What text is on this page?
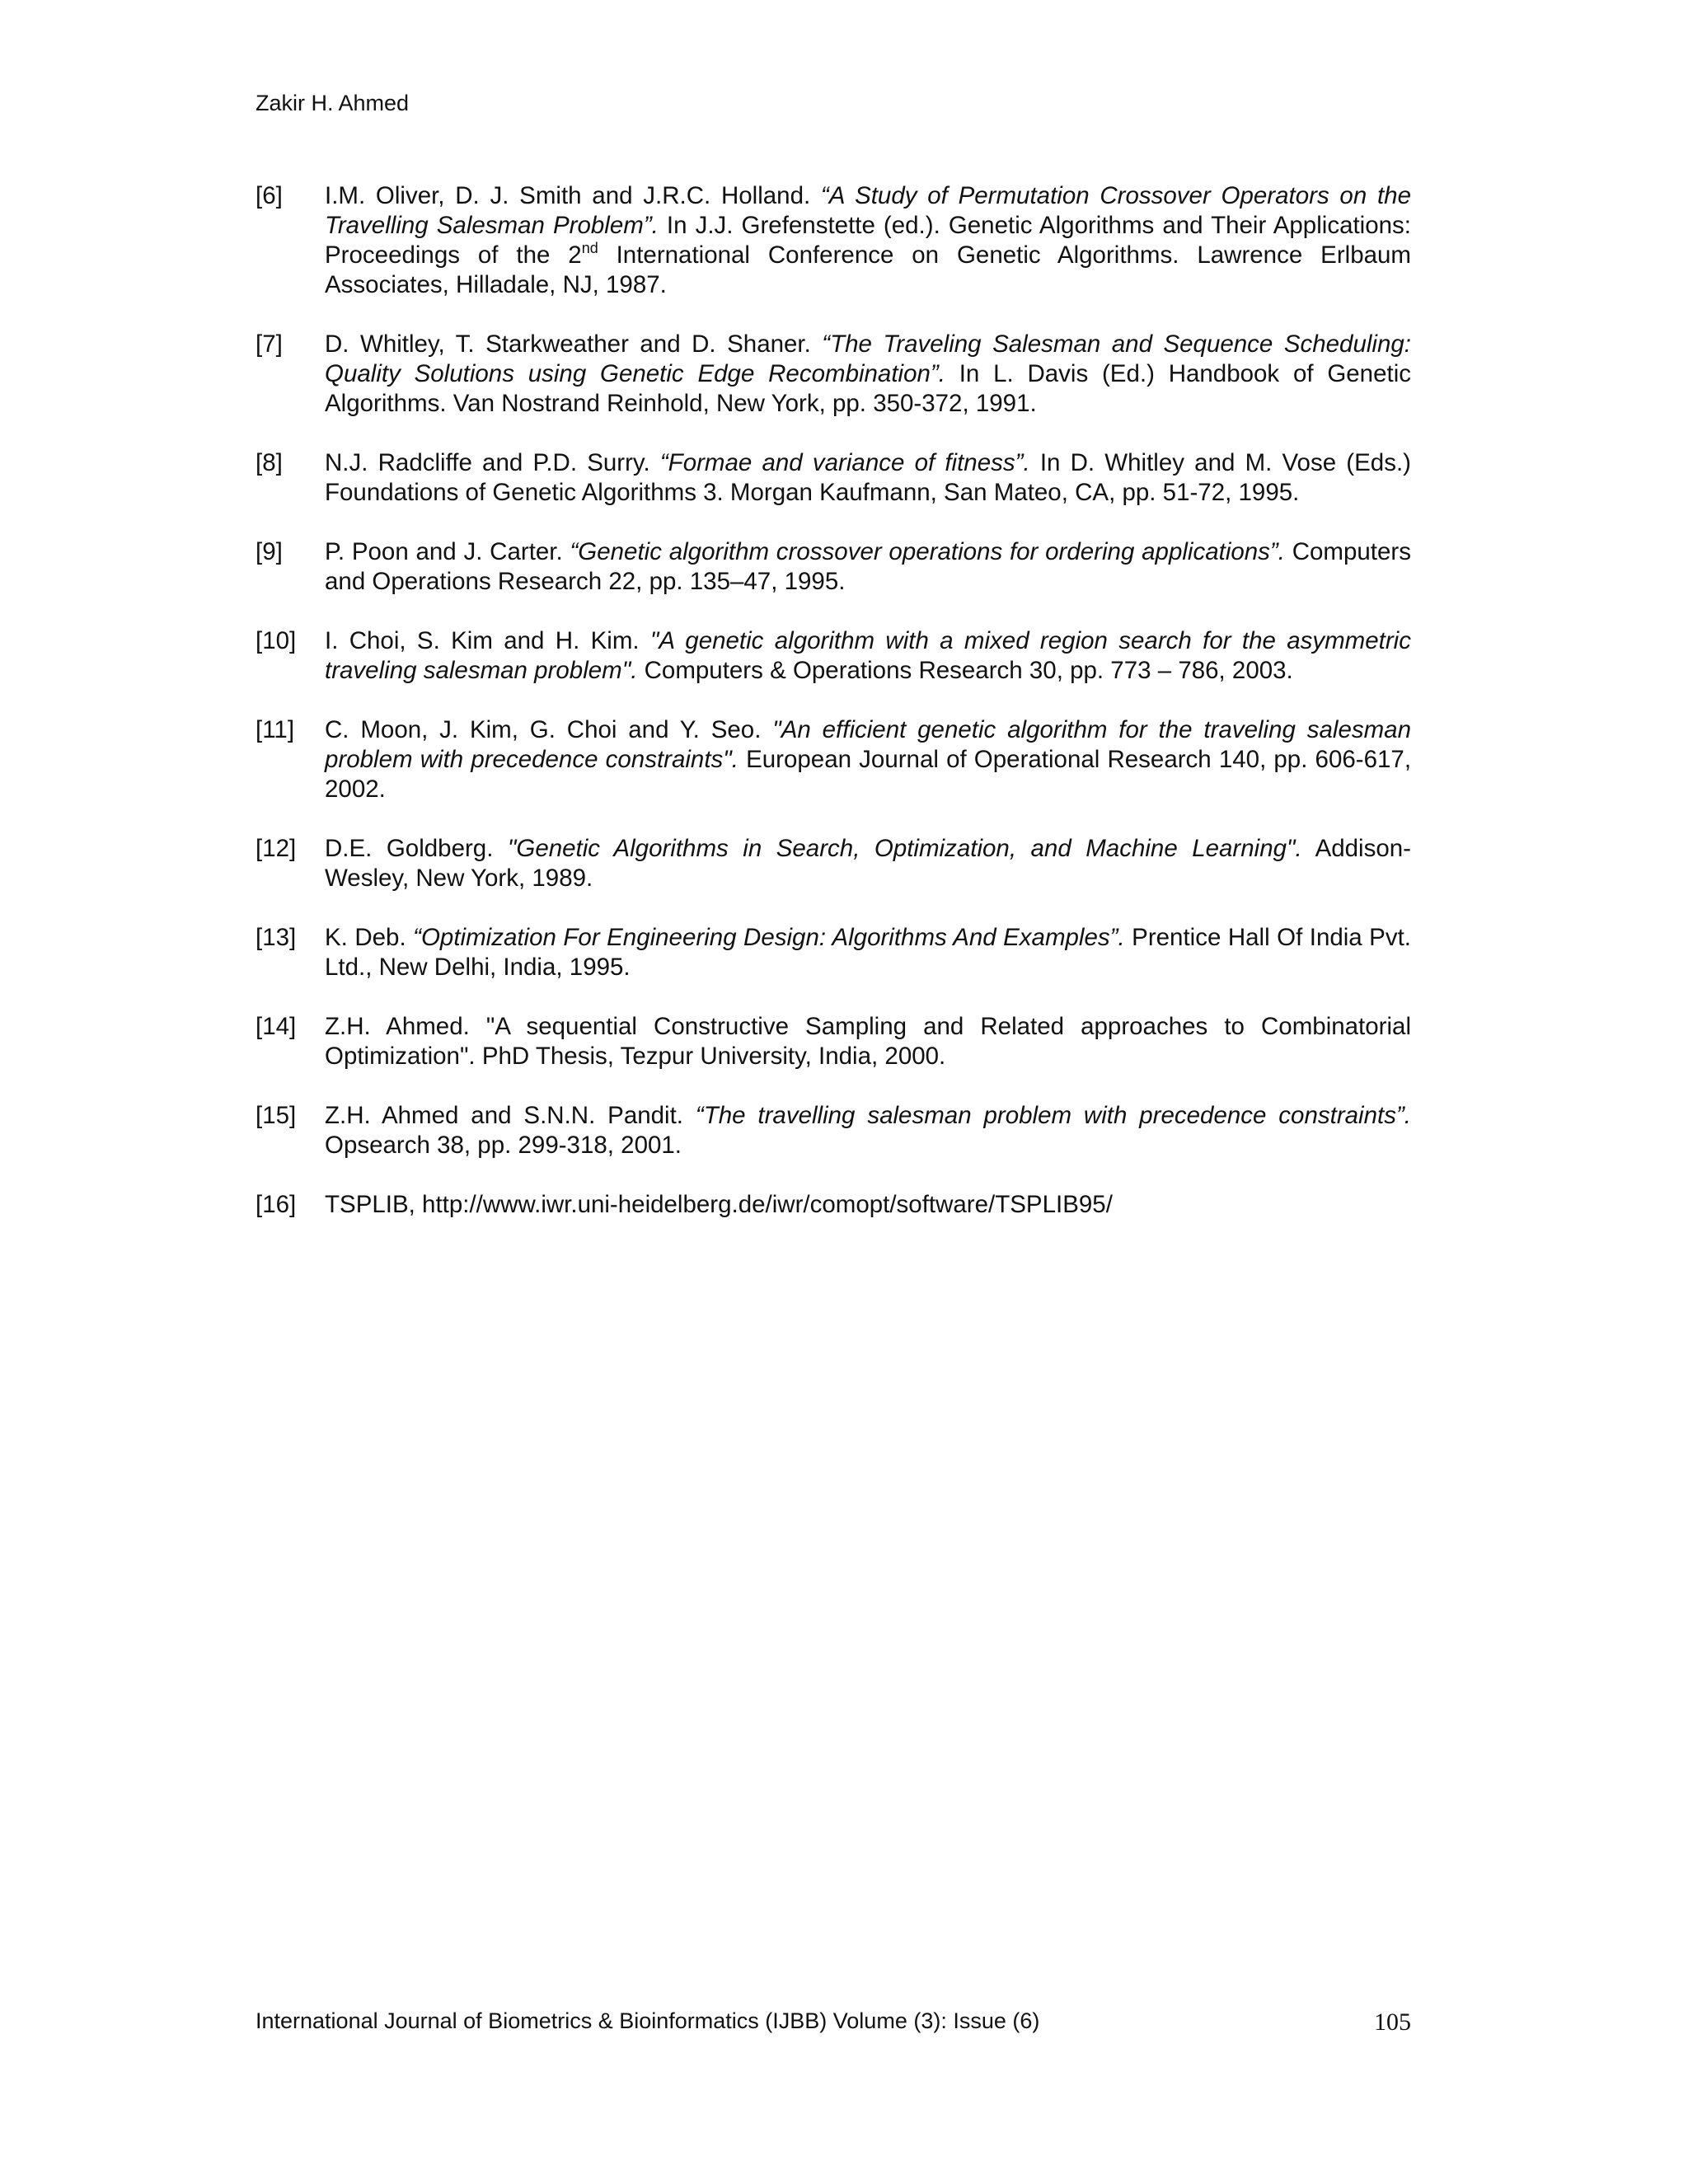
Zakir H. Ahmed
[6] I.M. Oliver, D. J. Smith and J.R.C. Holland. “A Study of Permutation Crossover Operators on the Travelling Salesman Problem”. In J.J. Grefenstette (ed.). Genetic Algorithms and Their Applications: Proceedings of the 2nd International Conference on Genetic Algorithms. Lawrence Erlbaum Associates, Hilladale, NJ, 1987.
[7] D. Whitley, T. Starkweather and D. Shaner. “The Traveling Salesman and Sequence Scheduling: Quality Solutions using Genetic Edge Recombination”. In L. Davis (Ed.) Handbook of Genetic Algorithms. Van Nostrand Reinhold, New York, pp. 350-372, 1991.
[8] N.J. Radcliffe and P.D. Surry. “Formae and variance of fitness”. In D. Whitley and M. Vose (Eds.) Foundations of Genetic Algorithms 3. Morgan Kaufmann, San Mateo, CA, pp. 51-72, 1995.
[9] P. Poon and J. Carter. “Genetic algorithm crossover operations for ordering applications”. Computers and Operations Research 22, pp. 135–47, 1995.
[10] I. Choi, S. Kim and H. Kim. "A genetic algorithm with a mixed region search for the asymmetric traveling salesman problem". Computers & Operations Research 30, pp. 773 – 786, 2003.
[11] C. Moon, J. Kim, G. Choi and Y. Seo. "An efficient genetic algorithm for the traveling salesman problem with precedence constraints". European Journal of Operational Research 140, pp. 606-617, 2002.
[12] D.E. Goldberg. "Genetic Algorithms in Search, Optimization, and Machine Learning". Addison-Wesley, New York, 1989.
[13] K. Deb. “Optimization For Engineering Design: Algorithms And Examples”. Prentice Hall Of India Pvt. Ltd., New Delhi, India, 1995.
[14] Z.H. Ahmed. "A sequential Constructive Sampling and Related approaches to Combinatorial Optimization". PhD Thesis, Tezpur University, India, 2000.
[15] Z.H. Ahmed and S.N.N. Pandit. “The travelling salesman problem with precedence constraints”. Opsearch 38, pp. 299-318, 2001.
[16] TSPLIB, http://www.iwr.uni-heidelberg.de/iwr/comopt/software/TSPLIB95/
International Journal of Biometrics & Bioinformatics (IJBB) Volume (3): Issue (6)	105
